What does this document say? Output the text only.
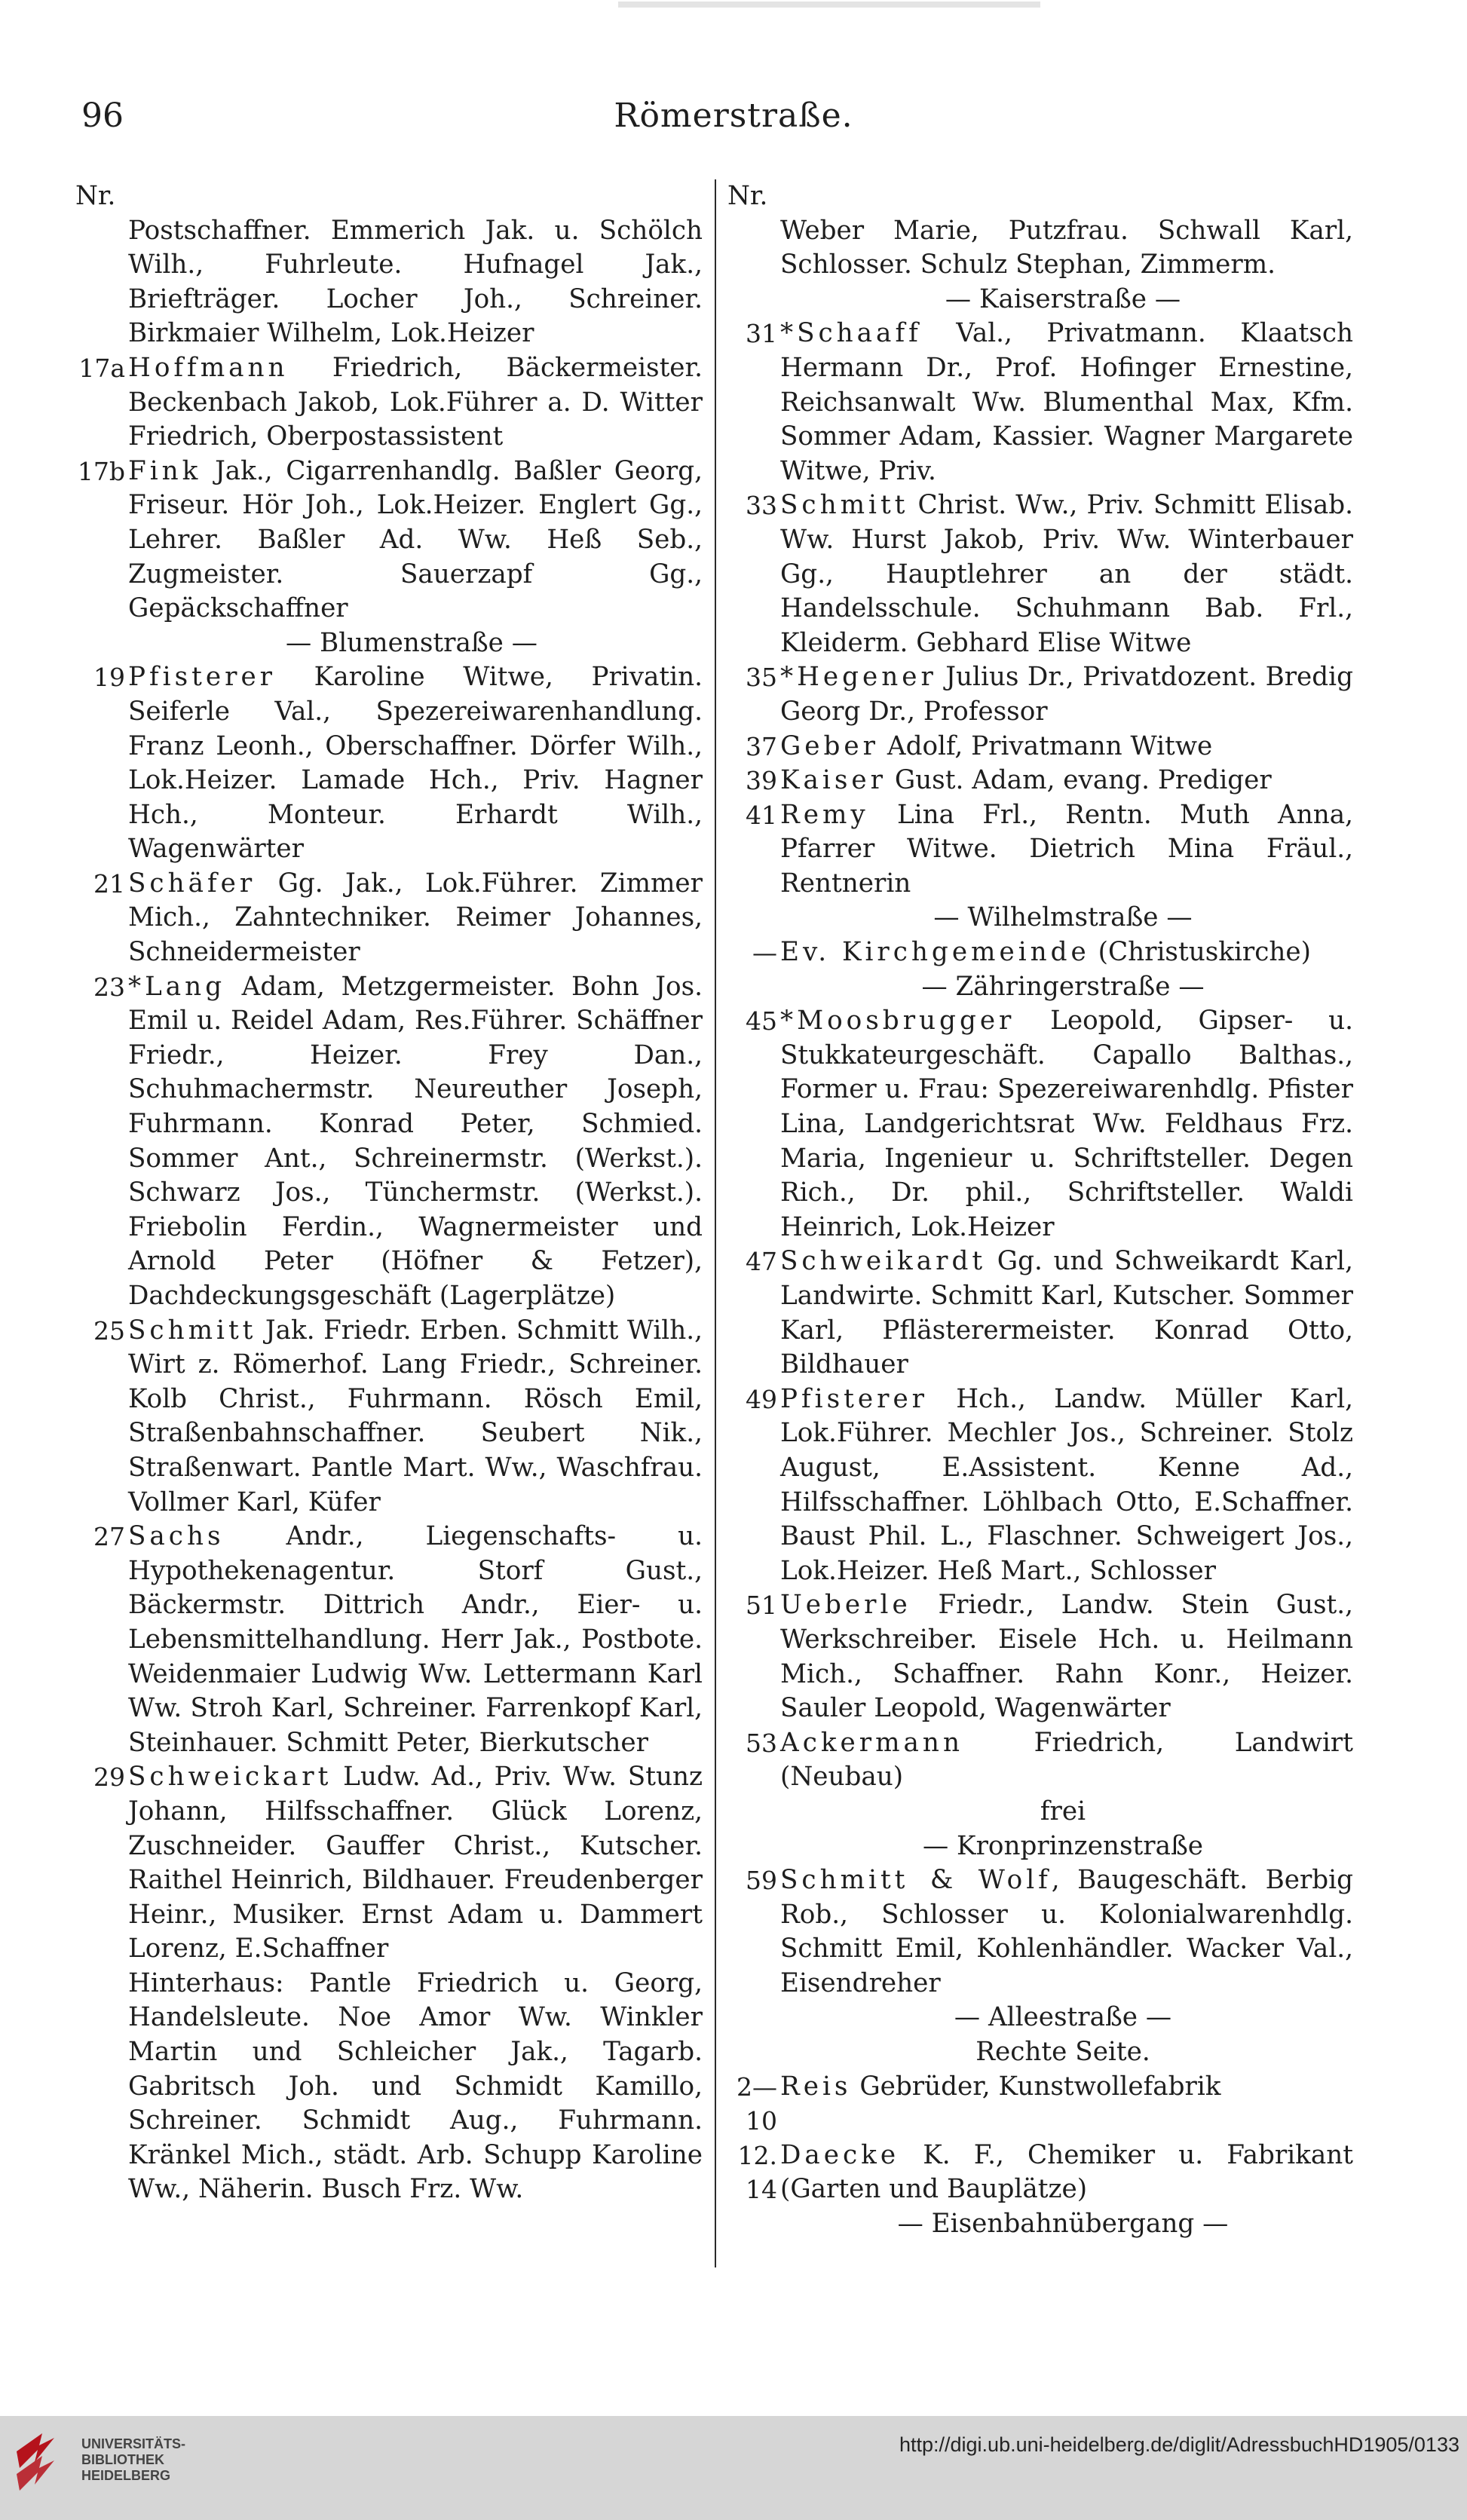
96	Römerstraße.
Nr.
Postschaffner. Emmerich Jak. u. Schölch Wilh., Fuhrleute. Hufnagel Jak., Briefträger. Locher Joh., Schreiner. Birkmaier Wilhelm, Lok.Heizer
17a Hoffmann Friedrich, Bäckermeister. Beckenbach Jakob, Lok.Führer a. D. Witter Friedrich, Oberpostassistent
17b Fink Jak., Cigarrenhandlg. Baßler Georg, Friseur. Hör Joh., Lok.Heizer. Englert Gg., Lehrer. Baßler Ad. Ww. Heß Seb., Zugmeister. Sauerzapf Gg., Gepäckschaffner
— Blumenstraße —
19 Pfisterer Karoline Witwe, Privatin. Seiferle Val., Spezereiwarenhandlung. Franz Leonh., Oberschaffner. Dörfer Wilh., Lok.Heizer. Lamade Hch., Priv. Hagner Hch., Monteur. Erhardt Wilh., Wagenwärter
21 Schäfer Gg. Jak., Lok.Führer. Zimmer Mich., Zahntechniker. Reimer Johannes, Schneidermeister
23 *Lang Adam, Metzgermeister. Bohn Jos. Emil u. Reidel Adam, Res.Führer. Schäffner Friedr., Heizer. Frey Dan., Schuhmachermstr. Neureuther Joseph, Fuhrmann. Konrad Peter, Schmied. Sommer Ant., Schreinermstr. (Werkst.). Schwarz Jos., Tünchermstr. (Werkst.). Friebolin Ferdin., Wagnermeister und Arnold Peter (Höfner & Fetzer), Dachdeckungsgeschäft (Lagerplätze)
25 Schmitt Jak. Friedr. Erben. Schmitt Wilh., Wirt z. Römerhof. Lang Friedr., Schreiner. Kolb Christ., Fuhrmann. Rösch Emil, Straßenbahnschaffner. Seubert Nik., Straßenwart. Pantle Mart. Ww., Waschfrau. Vollmer Karl, Küfer
27 Sachs Andr., Liegenschafts- u. Hypothekenagentur. Storf Gust., Bäckermstr. Dittrich Andr., Eier- u. Lebensmittelhandlung. Herr Jak., Postbote. Weidenmaier Ludwig Ww. Lettermann Karl Ww. Stroh Karl, Schreiner. Farrenkopf Karl, Steinhauer. Schmitt Peter, Bierkutscher
29 Schweickart Ludw. Ad., Priv. Ww. Stunz Johann, Hilfsschaffner. Glück Lorenz, Zuschneider. Gauffer Christ., Kutscher. Raithel Heinrich, Bildhauer. Freudenberger Heinr., Musiker. Ernst Adam u. Dammert Lorenz, E.Schaffner
Hinterhaus: Pantle Friedrich u. Georg, Handelsleute. Noe Amor Ww. Winkler Martin und Schleicher Jak., Tagarb. Gabritsch Joh. und Schmidt Kamillo, Schreiner. Schmidt Aug., Fuhrmann. Kränkel Mich., städt. Arb. Schupp Karoline Ww., Näherin. Busch Frz. Ww.
Nr.
Weber Marie, Putzfrau. Schwall Karl, Schlosser. Schulz Stephan, Zimmerm.
— Kaiserstraße —
31 *Schaaff Val., Privatmann. Klaatsch Hermann Dr., Prof. Hofinger Ernestine, Reichsanwalt Ww. Blumenthal Max, Kfm. Sommer Adam, Kassier. Wagner Margarete Witwe, Priv.
33 Schmitt Christ. Ww., Priv. Schmitt Elisab. Ww. Hurst Jakob, Priv. Ww. Winterbauer Gg., Hauptlehrer an der städt. Handelsschule. Schuhmann Bab. Frl., Kleiderm. Gebhard Elise Witwe
35 *Hegener Julius Dr., Privatdozent. Bredig Georg Dr., Professor
37 Geber Adolf, Privatmann Witwe
39 Kaiser Gust. Adam, evang. Prediger
41 Remy Lina Frl., Rentn. Muth Anna, Pfarrer Witwe. Dietrich Mina Fräul., Rentnerin
— Wilhelmstraße —
— Ev. Kirchgemeinde (Christuskirche)
— Zähringerstraße —
45 *Moosbrugger Leopold, Gipser- u. Stukkateurgeschäft. Capallo Balthas., Former u. Frau: Spezereiwarenhdlg. Pfister Lina, Landgerichtsrat Ww. Feldhaus Frz. Maria, Ingenieur u. Schriftsteller. Degen Rich., Dr. phil., Schriftsteller. Waldi Heinrich, Lok.Heizer
47 Schweikardt Gg. und Schweikardt Karl, Landwirte. Schmitt Karl, Kutscher. Sommer Karl, Pflästerermeister. Konrad Otto, Bildhauer
49 Pfisterer Hch., Landw. Müller Karl, Lok.Führer. Mechler Jos., Schreiner. Stolz August, E.Assistent. Kenne Ad., Hilfsschaffner. Löhlbach Otto, E.Schaffner. Baust Phil. L., Flaschner. Schweigert Jos., Lok.Heizer. Heß Mart., Schlosser
51 Ueberle Friedr., Landw. Stein Gust., Werkschreiber. Eisele Hch. u. Heilmann Mich., Schaffner. Rahn Konr., Heizer. Sauler Leopold, Wagenwärter
53 Ackermann Friedrich, Landwirt (Neubau)
frei
— Kronprinzenstraße
59 Schmitt & Wolf, Baugeschäft. Berbig Rob., Schlosser u. Kolonialwarenhdlg. Schmitt Emil, Kohlenhändler. Wacker Val., Eisendreher
— Alleestraße —
Rechte Seite.
2—10
Reis Gebrüder, Kunstwollefabrik
12. 14
Daecke K. F., Chemiker u. Fabrikant (Garten und Bauplätze)
— Eisenbahnübergang —
UNIVERSITÄTS-
BIBLIOTHEK
HEIDELBERG
http://digi.ub.uni-heidelberg.de/diglit/AdressbuchHD1905/0133
